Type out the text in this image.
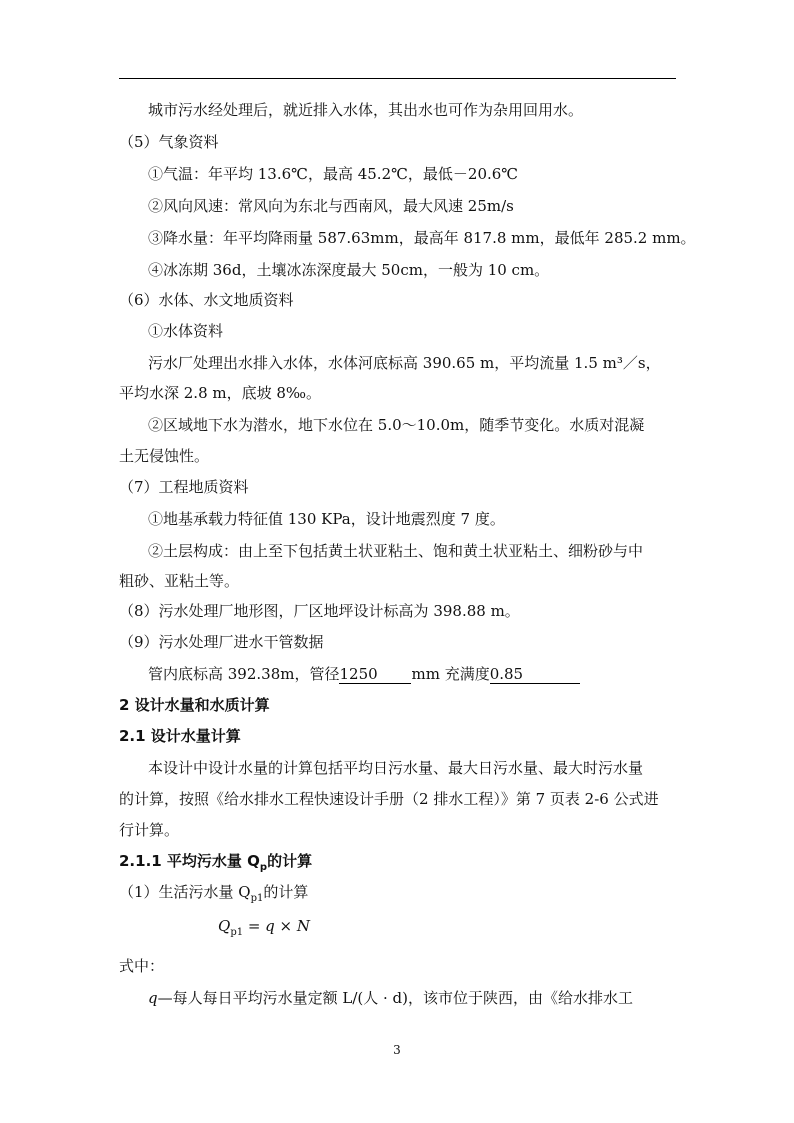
城市污水经处理后，就近排入水体，其出水也可作为杂用回用水。
（5）气象资料
①气温：年平均 13.6℃，最高 45.2℃，最低－20.6℃
②风向风速：常风向为东北与西南风，最大风速 25m/s
③降水量：年平均降雨量 587.63mm，最高年 817.8 mm，最低年 285.2 mm。
④冰冻期 36d，土壤冰冻深度最大 50cm，一般为 10 cm。
（6）水体、水文地质资料
①水体资料
污水厂处理出水排入水体，水体河底标高 390.65 m，平均流量 1.5 m³／s，
平均水深 2.8 m，底坡 8‰。
②区域地下水为潜水，地下水位在 5.0～10.0m，随季节变化。水质对混凝
土无侵蚀性。
（7）工程地质资料
①地基承载力特征值 130 KPa，设计地震烈度 7 度。
②土层构成：由上至下包括黄土状亚粘土、饱和黄土状亚粘土、细粉砂与中
粗砂、亚粘土等。
（8）污水处理厂地形图，厂区地坪设计标高为 398.88 m。
（9）污水处理厂进水干管数据
管内底标高 392.38m，管径1250 mm 充满度0.85
2 设计水量和水质计算
2.1 设计水量计算
本设计中设计水量的计算包括平均日污水量、最大日污水量、最大时污水量
的计算，按照《给水排水工程快速设计手册（2 排水工程）》第 7 页表 2-6 公式进
行计算。
2.1.1 平均污水量 $Q_p$的计算
（1）生活污水量 $Q_{p1}$的计算
$Q_{p1} = q \times N$
式中：
q—每人每日平均污水量定额 L/(人 · d)，该市位于陕西，由《给水排水工
3
